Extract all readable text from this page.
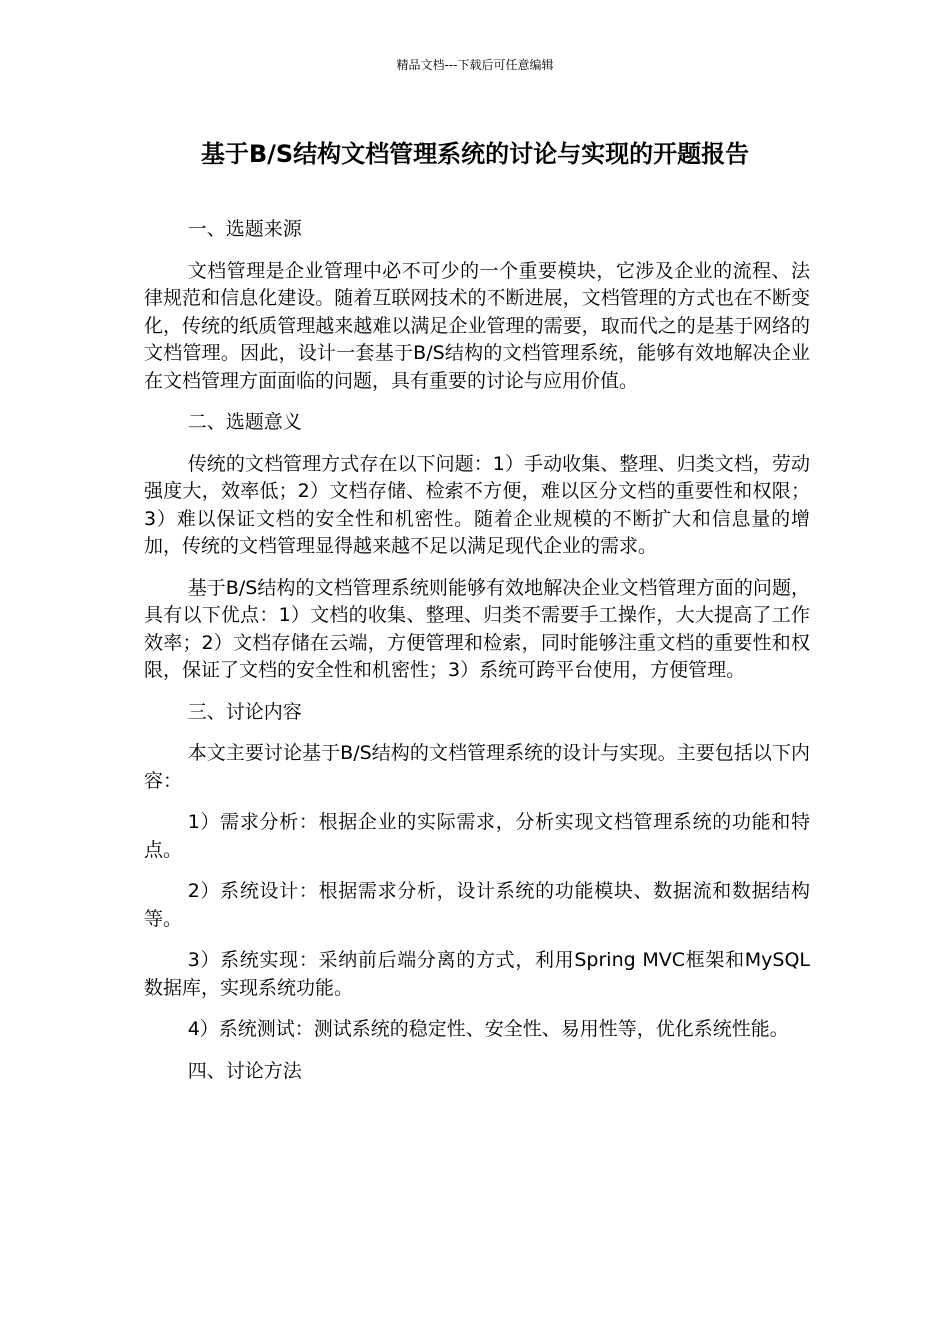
精品文档---下载后可任意编辑
基于B/S结构文档管理系统的讨论与实现的开题报告

一、选题来源

文档管理是企业管理中必不可少的一个重要模块，它涉及企业的流程、法律规范和信息化建设。随着互联网技术的不断进展，文档管理的方式也在不断变化，传统的纸质管理越来越难以满足企业管理的需要，取而代之的是基于网络的文档管理。因此，设计一套基于B/S结构的文档管理系统，能够有效地解决企业在文档管理方面面临的问题，具有重要的讨论与应用价值。

二、选题意义

传统的文档管理方式存在以下问题：1）手动收集、整理、归类文档，劳动强度大，效率低；2）文档存储、检索不方便，难以区分文档的重要性和权限；3）难以保证文档的安全性和机密性。随着企业规模的不断扩大和信息量的增加，传统的文档管理显得越来越不足以满足现代企业的需求。

基于B/S结构的文档管理系统则能够有效地解决企业文档管理方面的问题，具有以下优点：1）文档的收集、整理、归类不需要手工操作，大大提高了工作效率；2）文档存储在云端，方便管理和检索，同时能够注重文档的重要性和权限，保证了文档的安全性和机密性；3）系统可跨平台使用，方便管理。

三、讨论内容

本文主要讨论基于B/S结构的文档管理系统的设计与实现。主要包括以下内容：

1）需求分析：根据企业的实际需求，分析实现文档管理系统的功能和特点。

2）系统设计：根据需求分析，设计系统的功能模块、数据流和数据结构等。

3）系统实现：采纳前后端分离的方式，利用Spring MVC框架和MySQL数据库，实现系统功能。

4）系统测试：测试系统的稳定性、安全性、易用性等，优化系统性能。

四、讨论方法
